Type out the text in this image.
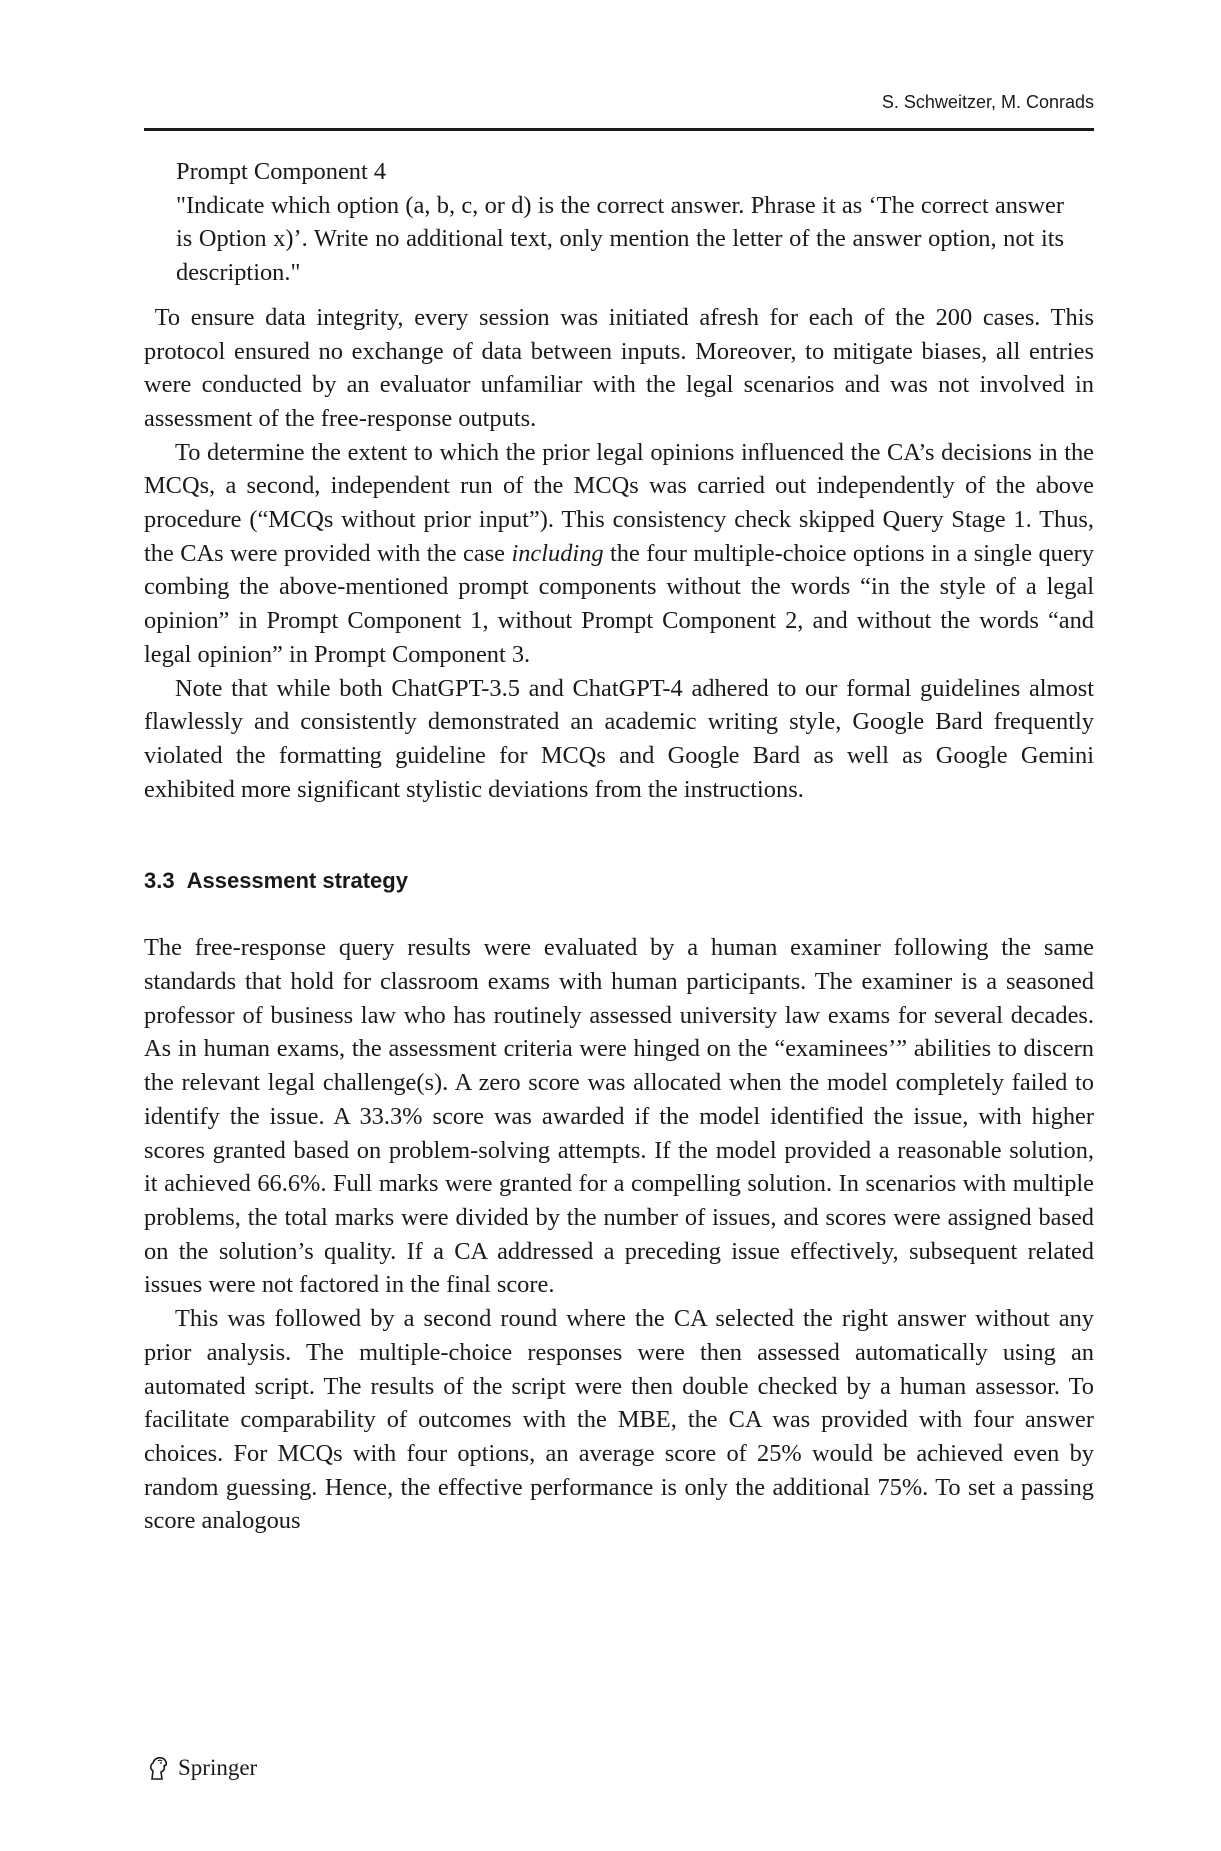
S. Schweitzer, M. Conrads

Prompt Component 4

"Indicate which option (a, b, c, or d) is the correct answer. Phrase it as ‘The correct answer is Option x)’. Write no additional text, only mention the letter of the answer option, not its description."

To ensure data integrity, every session was initiated afresh for each of the 200 cases. This protocol ensured no exchange of data between inputs. Moreover, to mitigate biases, all entries were conducted by an evaluator unfamiliar with the legal scenarios and was not involved in assessment of the free-response outputs.

To determine the extent to which the prior legal opinions influenced the CA’s decisions in the MCQs, a second, independent run of the MCQs was carried out independently of the above procedure (“MCQs without prior input”). This consistency check skipped Query Stage 1. Thus, the CAs were provided with the case including the four multiple-choice options in a single query combing the above-mentioned prompt components without the words “in the style of a legal opinion” in Prompt Component 1, without Prompt Component 2, and without the words “and legal opinion” in Prompt Component 3.

Note that while both ChatGPT-3.5 and ChatGPT-4 adhered to our formal guidelines almost flawlessly and consistently demonstrated an academic writing style, Google Bard frequently violated the formatting guideline for MCQs and Google Bard as well as Google Gemini exhibited more significant stylistic deviations from the instructions.

3.3 Assessment strategy

The free-response query results were evaluated by a human examiner following the same standards that hold for classroom exams with human participants. The examiner is a seasoned professor of business law who has routinely assessed university law exams for several decades. As in human exams, the assessment criteria were hinged on the “examinees’” abilities to discern the relevant legal challenge(s). A zero score was allocated when the model completely failed to identify the issue. A 33.3% score was awarded if the model identified the issue, with higher scores granted based on problem-solving attempts. If the model provided a reasonable solution, it achieved 66.6%. Full marks were granted for a compelling solution. In scenarios with multiple problems, the total marks were divided by the number of issues, and scores were assigned based on the solution’s quality. If a CA addressed a preceding issue effectively, subsequent related issues were not factored in the final score.

This was followed by a second round where the CA selected the right answer without any prior analysis. The multiple-choice responses were then assessed automatically using an automated script. The results of the script were then double checked by a human assessor. To facilitate comparability of outcomes with the MBE, the CA was provided with four answer choices. For MCQs with four options, an average score of 25% would be achieved even by random guessing. Hence, the effective performance is only the additional 75%. To set a passing score analogous

Springer
